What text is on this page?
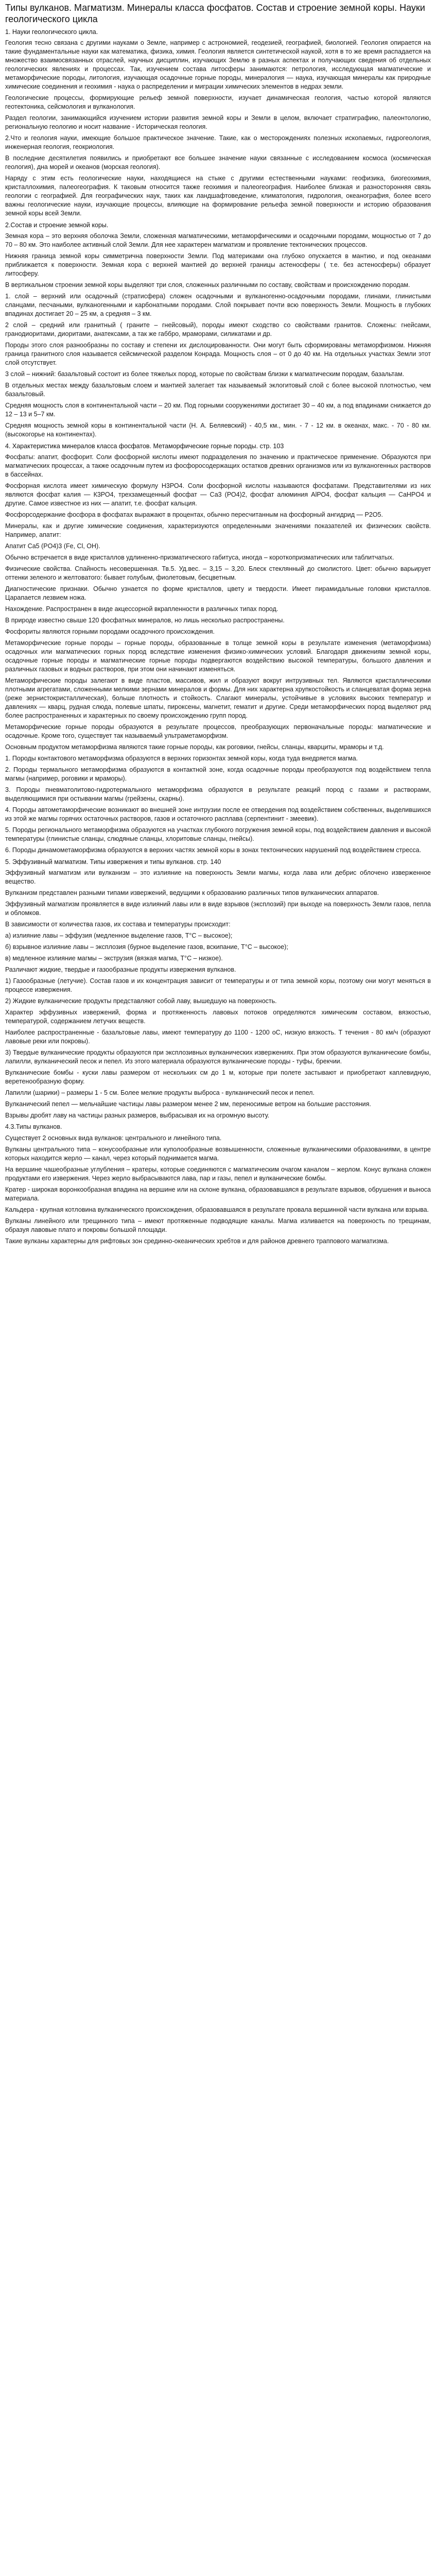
Типы вулканов. Магматизм. Минералы класса фосфатов. Состав и строение земной коры. Науки геологического цикла
1. Науки геологического цикла.

Геология тесно связана с другими науками о Земле, например с астрономией, геодезией, географией, биологией. Геология опирается на такие фундаментальные науки как математика, физика, химия. Геология является синтетической наукой, хотя в то же время распадается на множество взаимосвязанных отраслей, научных дисциплин, изучающих Землю в разных аспектах и получающих сведения об отдельных геологических явлениях и процессах. Так, изучением состава литосферы занимаются: петрология, исследующая магматические и метаморфические породы, литология, изучающая осадочные горные породы, минералогия — наука, изучающая минералы как природные химические соединения и геохимия - наука о распределении и миграции химических элементов в недрах земли.

Геологические процессы, формирующие рельеф земной поверхности, изучает динамическая геология, частью которой являются геотектоника, сейсмология и вулканология.

Раздел геологии, занимающийся изучением истории развития земной коры и Земли в целом, включает стратиграфию, палеонтологию, региональную геологию и носит название - Историческая геология.

2.Что и геология науки, имеющие большое практическое значение. Такие, как о месторождениях полезных ископаемых, гидрогеология, инженерная геология, геокриология.

В последние десятилетия появились и приобретают все большее значение науки связанные с исследованием космоса (космическая геология), дна морей и океанов (морская геология).

Наряду с этим есть геологические науки, находящиеся на стыке с другими естественными науками: геофизика, биогеохимия, кристаллохимия, палеогеография. К таковым относится также геохимия и палеогеография. Наиболее близкая и разносторонняя связь геологии с географией. Для географических наук, таких как ландшафтоведение, климатология, гидрология, океанография, более всего важны геологические науки, изучающие процессы, влияющие на формирование рельефа земной поверхности и историю образования земной коры всей Земли.

2.Состав и строение земной коры.

Земная кора – это верхняя оболочка Земли, сложенная магматическими, метаморфическими и осадочными породами, мощностью от 7 до 70 – 80 км. Это наиболее активный слой Земли. Для нее характерен магматизм и проявление тектонических процессов.

Нижняя граница земной коры симметрична поверхности Земли. Под материками она глубоко опускается в мантию, и под океанами приближается к поверхности. Земная кора с верхней мантией до верхней границы астеносферы ( т.е. без астеносферы) образует литосферу.

В вертикальном строении земной коры выделяют три слоя, сложенных различными по составу, свойствам и происхождению породам.

1. слой – верхний или осадочный (стратисфера) сложен осадочными и вулканогенно-осадочными породами, глинами, глинистыми сланцами, песчаными, вулканогенными и карбонатными породами. Слой покрывает почти всю поверхность Земли. Мощность в глубоких впадинах достигает 20 – 25 км, а средняя – 3 км.

2 слой – средний или гранитный ( граните – гнейсовый), породы имеют сходство со свойствами гранитов. Сложены: гнейсами, гранодиоритами, диоритами, анатексами, а так же габбро, мраморами, силикатами и др.

Породы этого слоя разнообразны по составу и степени их дислоцированности. Они могут быть сформированы метаморфизмом. Нижняя граница гранитного слоя называется сейсмической разделом Конрада. Мощность слоя – от 0 до 40 км. На отдельных участках Земли этот слой отсутствует.

3 слой – нижний: базальтовый состоит из более тяжелых пород, которые по свойствам близки к магматическим породам, базальтам.

В отдельных местах между базальтовым слоем и мантией залегает так называемый эклогитовый слой с более высокой плотностью, чем базальтовый.

Средняя мощность слоя в континентальной части – 20 км. Под горными сооружениями достигает 30 – 40 км, а под впадинами снижается до 12 – 13 и 5–7 км.

Средняя мощность земной коры в континентальной части (Н. А. Беляевский) - 40,5 км., мин. - 7 - 12 км. в океанах, макс. - 70 - 80 км. (высокогорье на континентах).

4. Характеристика минералов класса фосфатов. Метаморфические горные породы. стр. 103

Фосфаты: апатит, фосфорит. Соли фосфорной кислоты имеют подразделения по значению и практическое применение. Образуются при магматических процессах, а также осадочным путем из фосфоросодержащих остатков древних организмов или из вулканогенных растворов в бассейнах.

Фосфорная кислота имеет химическую формулу Н3РО4. Соли фосфорной кислоты называются фосфатами. Представителями из них являются фосфат калия — К3РО4, трехзамещенный фосфат — Са3 (РО4)2, фосфат алюминия АlРО4, фосфат кальция — CaHPO4 и другие. Самое известное из них — апатит, т.е. фосфат кальция.

Фосфорсодержание фосфора в фосфатах выражают в процентах, обычно пересчитанным на фосфорный ангидрид — Р2О5.

Минералы, как и другие химические соединения, характеризуются определенными значениями показателей их физических свойств. Например, апатит:

Апатит Ca5 (PO4)3 (Fe, Cl, OH).

Обычно встречается в виде кристаллов удлиненно-призматического габитуса, иногда – короткопризматических или таблитчатых.

Физические свойства. Спайность несовершенная. Тв.5. Уд.вес. – 3,15 – 3,20. Блеск стеклянный до смолистого. Цвет: обычно варьирует оттенки зеленого и желтоватого: бывает голубым, фиолетовым, бесцветным.

Диагностические признаки. Обычно узнается по форме кристаллов, цвету и твердости. Имеет пирамидальные головки кристаллов. Царапается лезвием ножа.

Нахождение. Распространен в виде акцессорной вкрапленности в различных типах пород.

В природе известно свыше 120 фосфатных минералов, но лишь несколько распространены.

Фосфориты являются горными породами осадочного происхождения.

Метаморфические горные породы – горные породы, образованные в толще земной коры в результате изменения (метаморфизма) осадочных или магматических горных пород вследствие изменения физико-химических условий. Благодаря движениям земной коры, осадочные горные породы и магматические горные породы подвергаются воздействию высокой температуры, большого давления и различных газовых и водных растворов, при этом они начинают изменяться.

Метаморфические породы залегают в виде пластов, массивов, жил и образуют вокруг интрузивных тел. Являются кристаллическими плотными агрегатами, сложенными мелкими зернами минералов и формы. Для них характерна хрупкостойкость и сланцеватая форма зерна (реже зернистокристаллическая), больше плотность и стойкость. Слагают минералы, устойчивые в условиях высоких температур и давлениях — кварц, рудная слюда, полевые шпаты, пироксены, магнетит, гематит и другие. Среди метаморфических пород выделяют ряд более распространенных и характерных по своему происхождению групп пород.

Метаморфические горные породы образуются в результате процессов, преобразующих первоначальные породы: магматические и осадочные. Кроме того, существует так называемый ультраметаморфизм.

Основным продуктом метаморфизма являются такие горные породы, как роговики, гнейсы, сланцы, кварциты, мраморы и т.д.

1. Породы контактового метаморфизма образуются в верхних горизонтах земной коры, когда туда внедряется магма.

2. Породы термального метаморфизма образуются в контактной зоне, когда осадочные породы преобразуются под воздействием тепла магмы (например, роговики и мраморы).

3. Породы пневматолитово-гидротермального метаморфизма образуются в результате реакций пород с газами и растворами, выделяющимися при остывании магмы (грейзены, скарны).

4. Породы автометаморфические возникают во внешней зоне интрузии после ее отвердения под воздействием собственных, выделившихся из этой же магмы горячих остаточных растворов, газов и остаточного расплава (серпентинит - змеевик).

5. Породы регионального метаморфизма образуются на участках глубокого погружения земной коры, под воздействием давления и высокой температуры (глинистые сланцы, слюдяные сланцы, хлоритовые сланцы, гнейсы).

6. Породы динамометаморфизма образуются в верхних частях земной коры в зонах тектонических нарушений под воздействием стресса.

5. Эффузивный магматизм. Типы извержения и типы вулканов. стр. 140

Эффузивный магматизм или вулканизм – это излияние на поверхность Земли магмы, когда лава или дебрис облочено изверженное вещество.

Вулканизм представлен разными типами извержений, ведущими к образованию различных типов вулканических аппаратов.

Эффузивный магматизм проявляется в виде излияний лавы или в виде взрывов (эксплозий) при выходе на поверхность Земли газов, пепла и обломков.

В зависимости от количества газов, их состава и температуры происходит:

а) излияние лавы – эффузия (медленное выделение газов, Т°С – высокое);

б) взрывное излияние лавы – эксплозия (бурное выделение газов, вскипание, Т°С – высокое);

в) медленное излияние магмы – экструзия (вязкая магма, Т°С – низкое).

Различают жидкие, твердые и газообразные продукты извержения вулканов.

1) Газообразные (летучие). Состав газов и их концентрация зависит от температуры и от типа земной коры, поэтому они могут меняться в процессе извержения.

2) Жидкие вулканические продукты представляют собой лаву, вышедшую на поверхность.

Характер эффузивных извержений, форма и протяженность лавовых потоков определяются химическим составом, вязкостью, температурой, содержанием летучих веществ.

Наиболее распространенные - базальтовые лавы, имеют температуру до 1100 - 1200 оС, низкую вязкость. Т течения - 80 км/ч (образуют лавовые реки или покровы).

3) Твердые вулканические продукты образуются при эксплозивных вулканических извержениях. При этом образуются вулканические бомбы, лапилли, вулканический песок и пепел. Из этого материала образуются вулканические породы - туфы, брекчии.

Вулканические бомбы - куски лавы размером от нескольких см до 1 м, которые при полете застывают и приобретают каплевидную, веретенообразную форму.

Лапилли (шарики) – размеры 1 - 5 см. Более мелкие продукты выброса - вулканический песок и пепел.

Вулканический пепел — мельчайшие частицы лавы размером менее 2 мм, переносимые ветром на большие расстояния.

Взрывы дробят лаву на частицы разных размеров, выбрасывая их на огромную высоту.

4.3.Типы вулканов.

Существует 2 основных вида вулканов: центрального и линейного типа.

Вулканы центрального типа – конусообразные или куполообразные возвышенности, сложенные вулканическими образованиями, в центре которых находится жерло — канал, через который поднимается магма.

На вершине чашеобразные углубления – кратеры, которые соединяются с магматическим очагом каналом – жерлом. Конус вулкана сложен продуктами его извержения. Через жерло выбрасываются лава, пар и газы, пепел и вулканические бомбы.

Кратер - широкая воронкообразная впадина на вершине или на склоне вулкана, образовавшаяся в результате взрывов, обрушения и выноса материала.

Кальдера - крупная котловина вулканического происхождения, образовавшаяся в результате провала вершинной части вулкана или взрыва.

Вулканы линейного или трещинного типа – имеют протяженные подводящие каналы. Магма изливается на поверхность по трещинам, образуя лавовые плато и покровы большой площади.

Такие вулканы характерны для рифтовых зон срединно-океанических хребтов и для районов древнего траппового магматизма.
